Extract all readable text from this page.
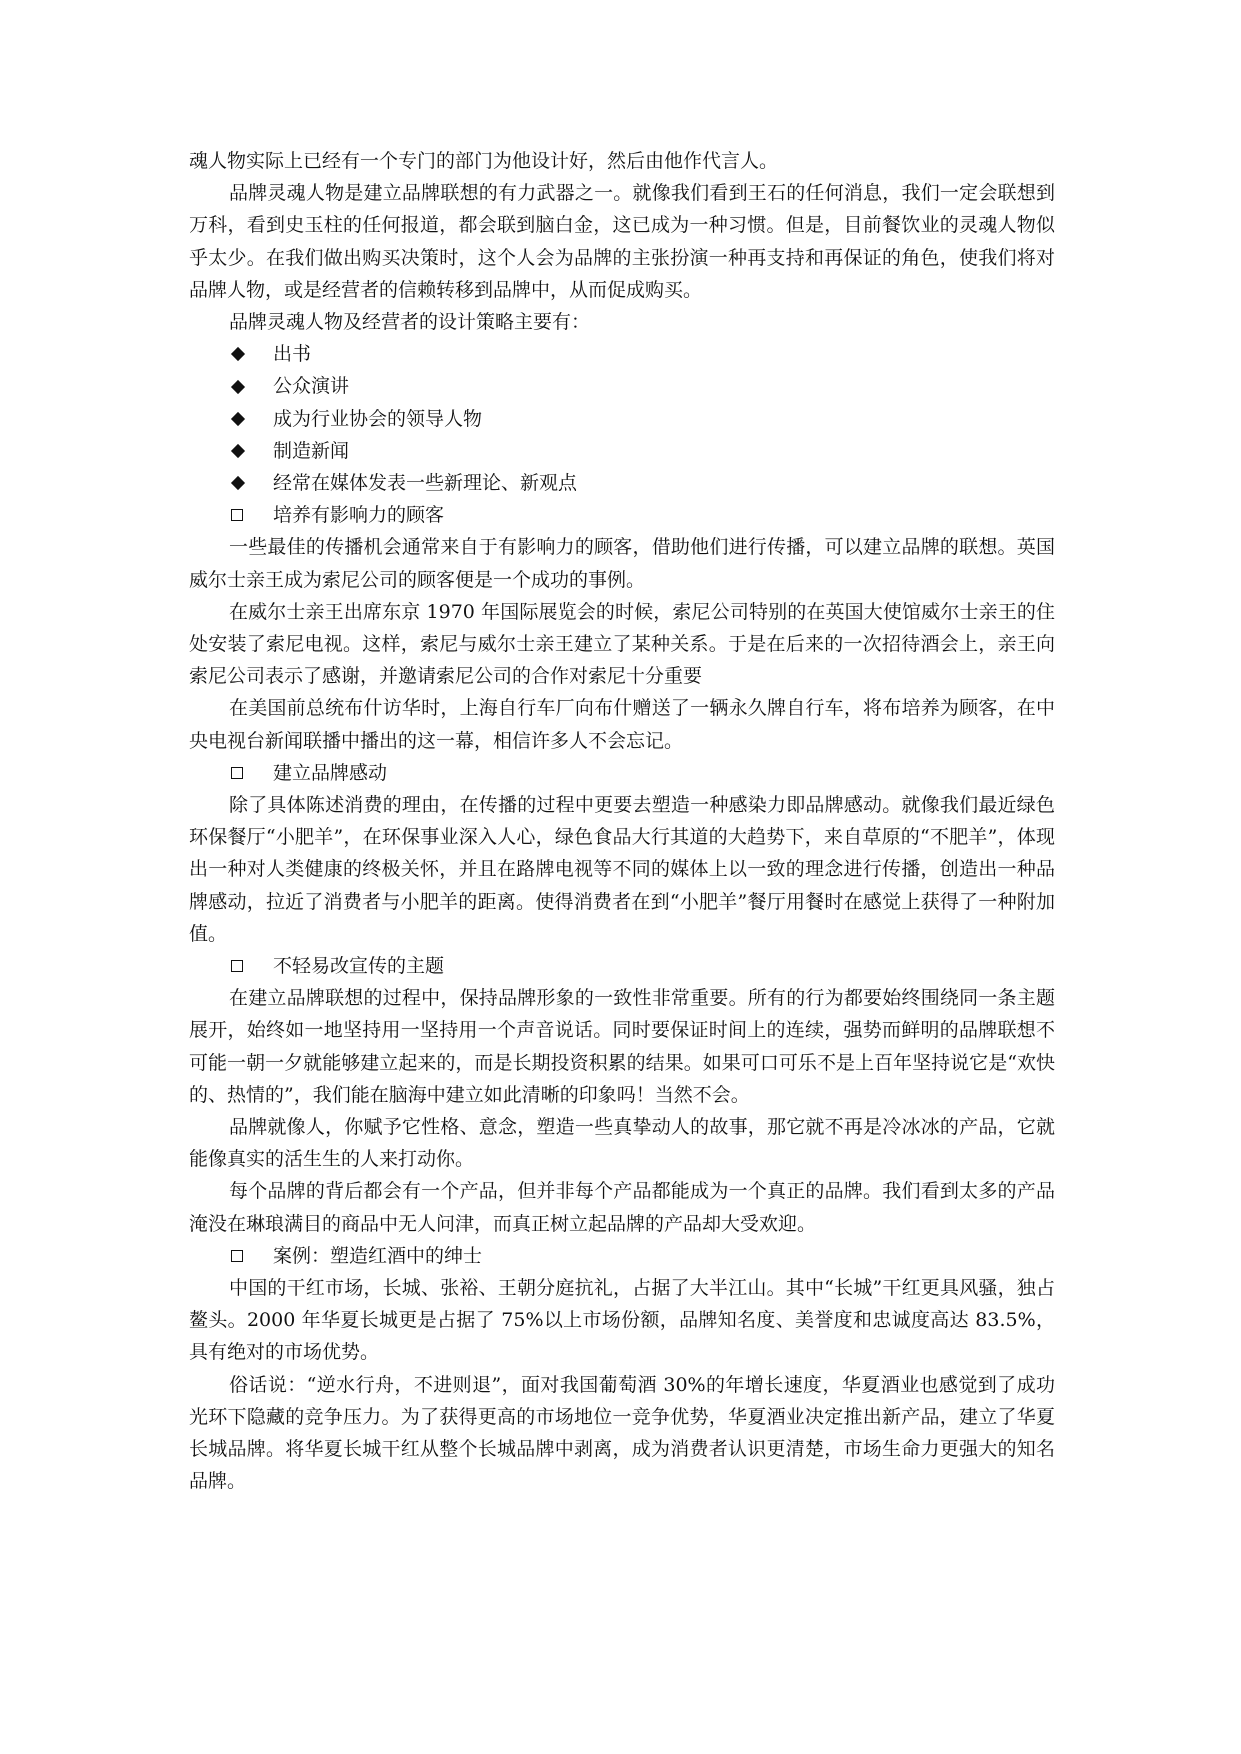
魂人物实际上已经有一个专门的部门为他设计好，然后由他作代言人。

品牌灵魂人物是建立品牌联想的有力武器之一。就像我们看到王石的任何消息，我们一定会联想到万科，看到史玉柱的任何报道，都会联到脑白金，这已成为一种习惯。但是，目前餐饮业的灵魂人物似乎太少。在我们做出购买决策时，这个人会为品牌的主张扮演一种再支持和再保证的角色，使我们将对品牌人物，或是经营者的信赖转移到品牌中，从而促成购买。

品牌灵魂人物及经营者的设计策略主要有：

出书
公众演讲
成为行业协会的领导人物
制造新闻
经常在媒体发表一些新理论、新观点
培养有影响力的顾客

一些最佳的传播机会通常来自于有影响力的顾客，借助他们进行传播，可以建立品牌的联想。英国威尔士亲王成为索尼公司的顾客便是一个成功的事例。

在威尔士亲王出席东京 1970 年国际展览会的时候，索尼公司特别的在英国大使馆威尔士亲王的住处安装了索尼电视。这样，索尼与威尔士亲王建立了某种关系。于是在后来的一次招待酒会上，亲王向索尼公司表示了感谢，并邀请索尼公司的合作对索尼十分重要

在美国前总统布什访华时，上海自行车厂向布什赠送了一辆永久牌自行车，将布培养为顾客，在中央电视台新闻联播中播出的这一幕，相信许多人不会忘记。

建立品牌感动

除了具体陈述消费的理由，在传播的过程中更要去塑造一种感染力即品牌感动。就像我们最近绿色环保餐厅“小肥羊”，在环保事业深入人心，绿色食品大行其道的大趋势下，来自草原的“不肥羊”，体现出一种对人类健康的终极关怀，并且在路牌电视等不同的媒体上以一致的理念进行传播，创造出一种品牌感动，拉近了消费者与小肥羊的距离。使得消费者在到“小肥羊”餐厅用餐时在感觉上获得了一种附加值。

不轻易改宣传的主题

在建立品牌联想的过程中，保持品牌形象的一致性非常重要。所有的行为都要始终围绕同一条主题展开，始终如一地坚持用一坚持用一个声音说话。同时要保证时间上的连续，强势而鲜明的品牌联想不可能一朝一夕就能够建立起来的，而是长期投资积累的结果。如果可口可乐不是上百年坚持说它是“欢快的、热情的”，我们能在脑海中建立如此清晰的印象吗！当然不会。

品牌就像人，你赋予它性格、意念，塑造一些真挚动人的故事，那它就不再是冷冰冰的产品，它就能像真实的活生生的人来打动你。

每个品牌的背后都会有一个产品，但并非每个产品都能成为一个真正的品牌。我们看到太多的产品淹没在琳琅满目的商品中无人问津，而真正树立起品牌的产品却大受欢迎。

案例：塑造红酒中的绅士

中国的干红市场，长城、张裕、王朝分庭抗礼，占据了大半江山。其中“长城”干红更具风骚，独占鳌头。2000 年华夏长城更是占据了 75%以上市场份额，品牌知名度、美誉度和忠诚度高达 83.5%，具有绝对的市场优势。

俗话说：“逆水行舟，不进则退”，面对我国葡萄酒 30%的年增长速度，华夏酒业也感觉到了成功光环下隐藏的竞争压力。为了获得更高的市场地位一竞争优势，华夏酒业决定推出新产品，建立了华夏长城品牌。将华夏长城干红从整个长城品牌中剥离，成为消费者认识更清楚，市场生命力更强大的知名品牌。
